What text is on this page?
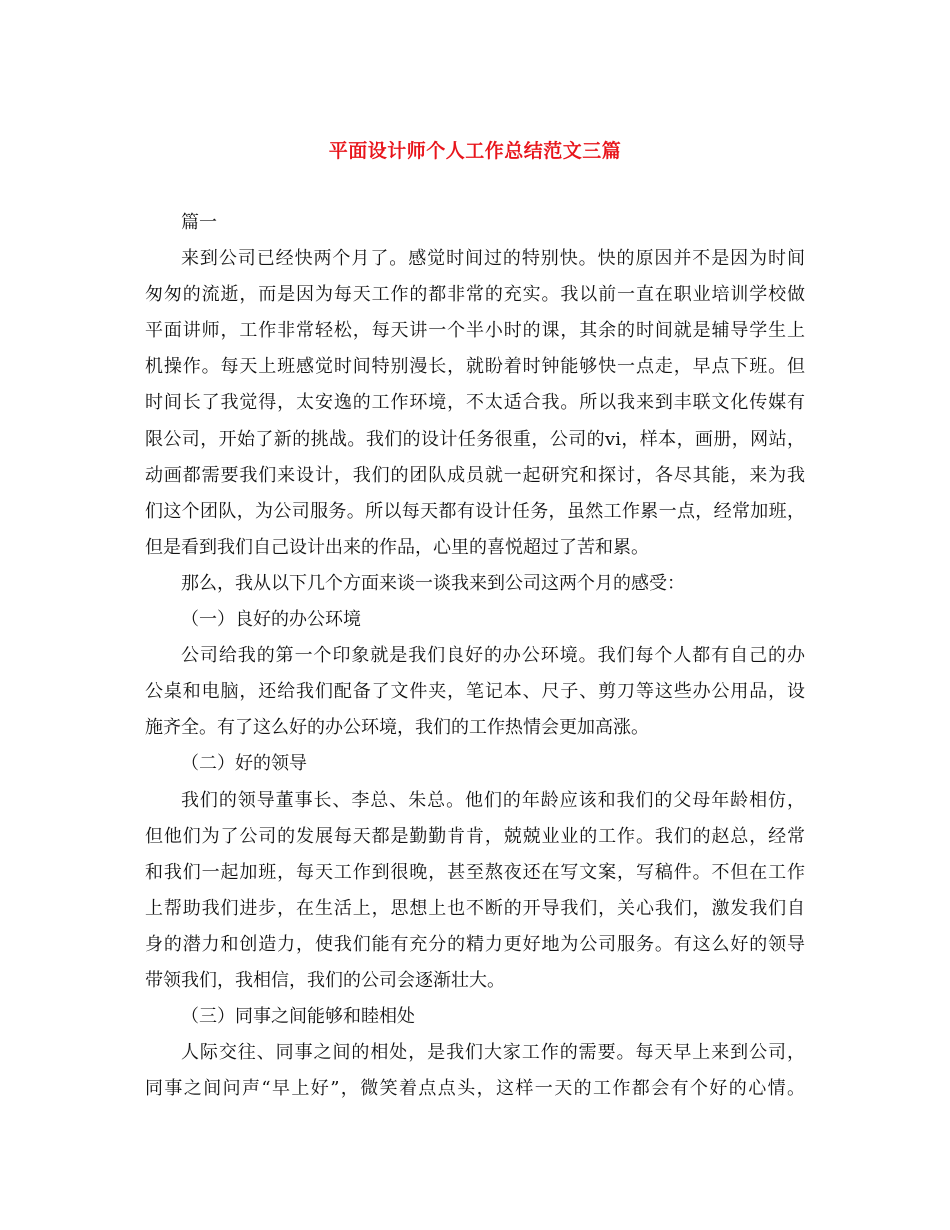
平面设计师个人工作总结范文三篇
篇一
来到公司已经快两个月了。感觉时间过的特别快。快的原因并不是因为时间
匆匆的流逝，而是因为每天工作的都非常的充实。我以前一直在职业培训学校做
平面讲师，工作非常轻松，每天讲一个半小时的课，其余的时间就是辅导学生上
机操作。每天上班感觉时间特别漫长，就盼着时钟能够快一点走，早点下班。但
时间长了我觉得，太安逸的工作环境，不太适合我。所以我来到丰联文化传媒有
限公司，开始了新的挑战。我们的设计任务很重，公司的vi，样本，画册，网站，
动画都需要我们来设计，我们的团队成员就一起研究和探讨，各尽其能，来为我
们这个团队，为公司服务。所以每天都有设计任务，虽然工作累一点，经常加班，
但是看到我们自己设计出来的作品，心里的喜悦超过了苦和累。
那么，我从以下几个方面来谈一谈我来到公司这两个月的感受：
（一）良好的办公环境
公司给我的第一个印象就是我们良好的办公环境。我们每个人都有自己的办
公桌和电脑，还给我们配备了文件夹，笔记本、尺子、剪刀等这些办公用品，设
施齐全。有了这么好的办公环境，我们的工作热情会更加高涨。
（二）好的领导
我们的领导董事长、李总、朱总。他们的年龄应该和我们的父母年龄相仿，
但他们为了公司的发展每天都是勤勤肯肯，兢兢业业的工作。我们的赵总，经常
和我们一起加班，每天工作到很晚，甚至熬夜还在写文案，写稿件。不但在工作
上帮助我们进步，在生活上，思想上也不断的开导我们，关心我们，激发我们自
身的潜力和创造力，使我们能有充分的精力更好地为公司服务。有这么好的领导
带领我们，我相信，我们的公司会逐渐壮大。
（三）同事之间能够和睦相处
人际交往、同事之间的相处，是我们大家工作的需要。每天早上来到公司，
同事之间问声“早上好”，微笑着点点头，这样一天的工作都会有个好的心情。
